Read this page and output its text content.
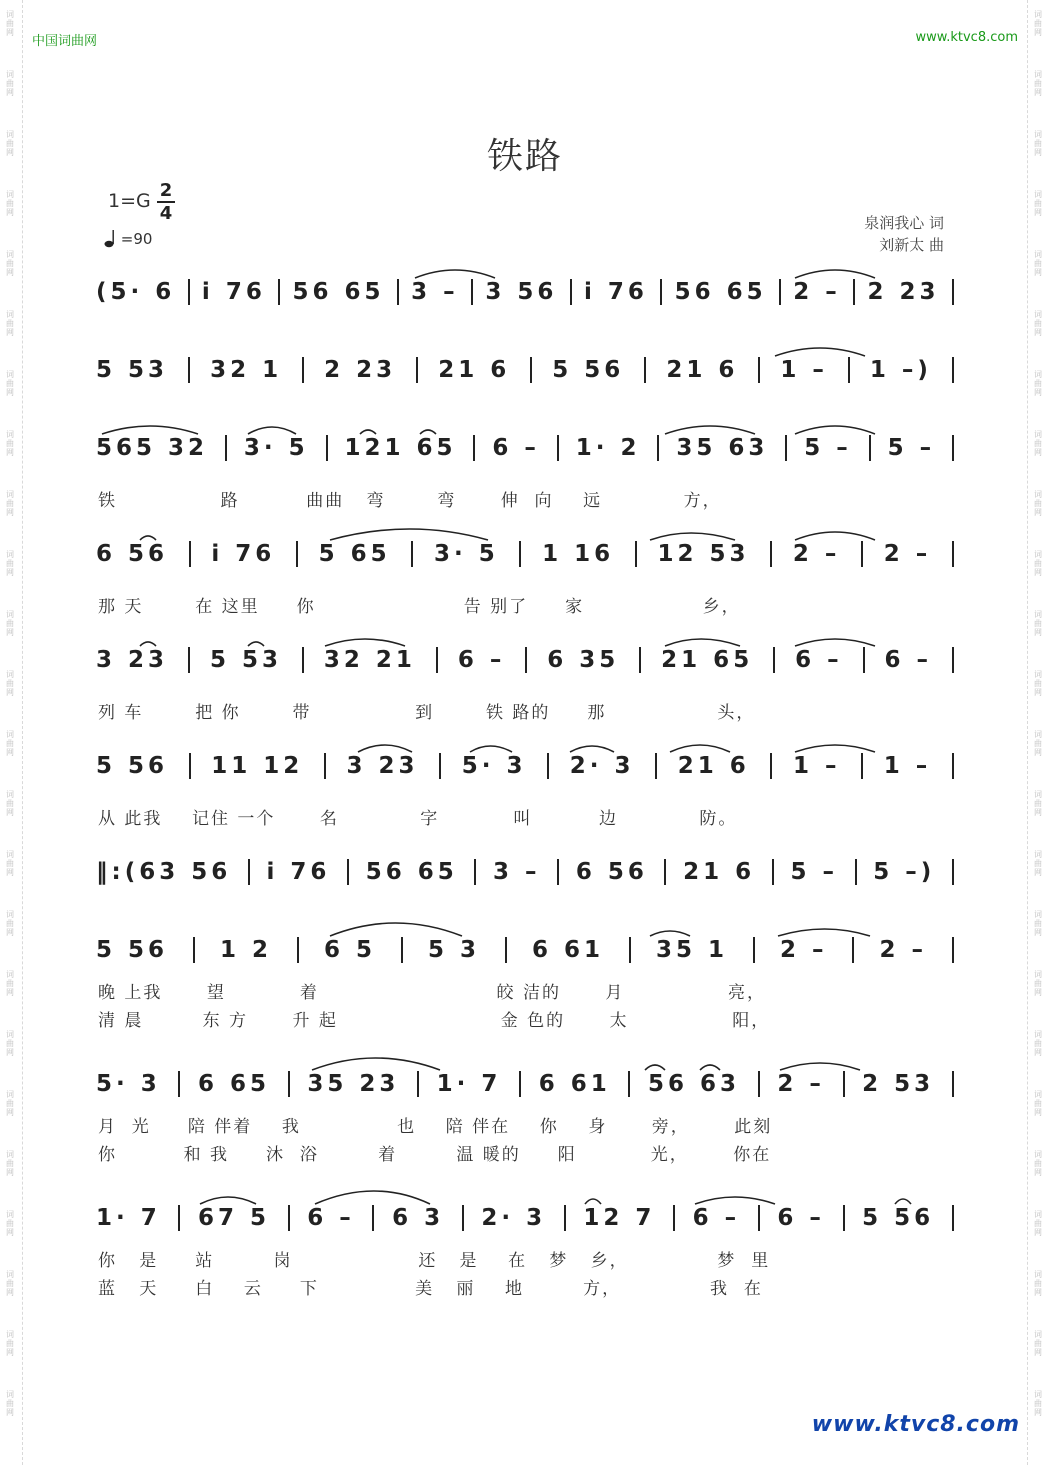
词曲网
词曲网
词曲网
词曲网
词曲网
词曲网
词曲网
词曲网
词曲网
词曲网
词曲网
词曲网
词曲网
词曲网
词曲网
词曲网
词曲网
词曲网
词曲网
词曲网
词曲网
词曲网
词曲网
词曲网
词曲网
词曲网
词曲网
词曲网
词曲网
词曲网
词曲网
词曲网
词曲网
词曲网
词曲网
词曲网
词曲网
词曲网
词曲网
词曲网
词曲网
词曲网
词曲网
词曲网
词曲网
词曲网
词曲网
词曲网
中国词曲网	www.ktvc8.com
铁路
1=G 2
4
=90
泉润我心 词
刘新太 曲
(5· 6 i 76 56 65 3 – 3 56 i 76 56 65 2 – 2 23
5 53 32 1 2 23 21 6 5 56 21 6 1 – 1 –)
565 32 3· 5 121 65 6 – 1· 2 35 63 5 – 5 –
6 56 i 76 5 65 3· 5 1 16 12 53 2 – 2 –
3 23 5 53 32 21 6 – 6 35 21 65 6 – 6 –
5 56 11 12 3 23 5· 3 2· 3 21 6 1 – 1 –
‖:(63 56 i 76 56 65 3 – 6 56 21 6 5 – 5 –)
5 56 1 2 6 5 5 3 6 61 35 1 2 – 2 –
5· 3 6 65 35 23 1· 7 6 61 56 63 2 – 2 53
1· 7 67 5 6 – 6 3 2· 3 12 7 6 – 6 – 5 56
铁              路         曲曲   弯       弯      伸  向    远           方，
那 天       在 这里     你                    告 别了     家                乡，
列 车       把 你       带              到       铁 路的     那               头，
从 此我    记住 一个      名           字          叫         边           防。
晚 上我      望          着                        皎 洁的      月              亮，
清 晨        东 方      升 起                      金 色的      太              阳，
月  光     陪 伴着    我             也    陪 伴在    你    身      旁，      此刻
你         和 我     沐  浴        着        温 暖的     阳          光，      你在
你   是     站        岗                 还   是    在   梦   乡，            梦  里
蓝   天     白    云     下             美   丽    地        方，            我  在
www.ktvc8.com
